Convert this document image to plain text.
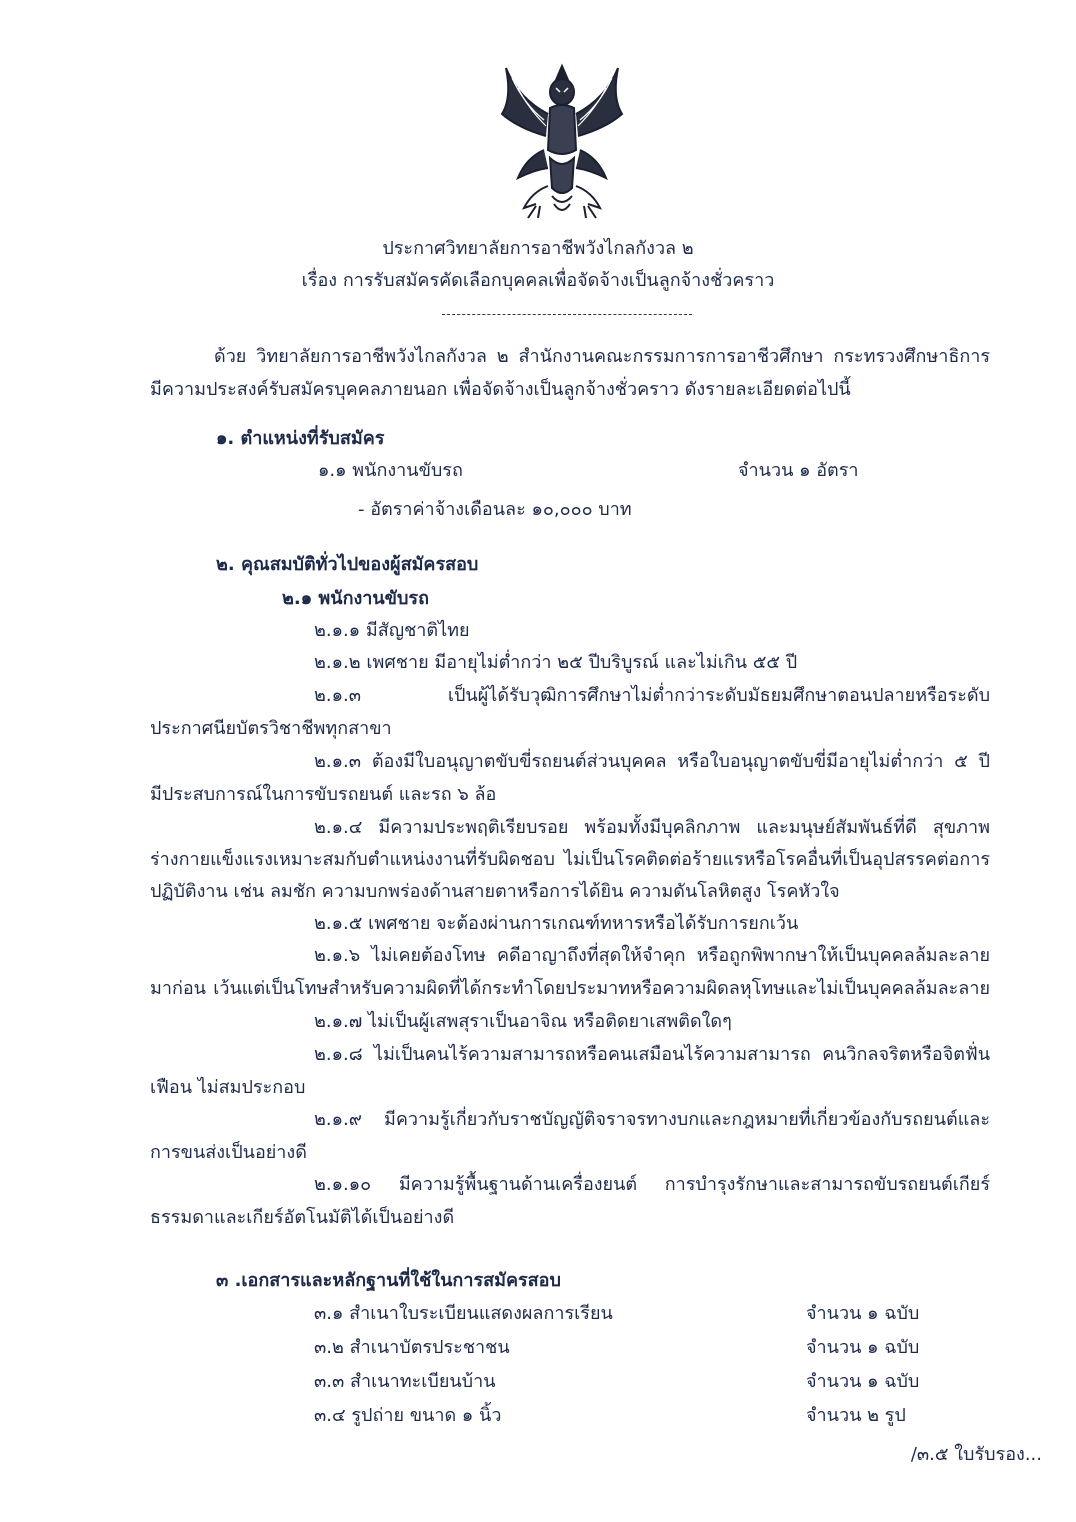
ประกาศวิทยาลัยการอาชีพวังไกลกังวล ๒
เรื่อง การรับสมัครคัดเลือกบุคคลเพื่อจัดจ้างเป็นลูกจ้างชั่วคราว
ด้วย วิทยาลัยการอาชีพวังไกลกังวล ๒ สำนักงานคณะกรรมการการอาชีวศึกษา กระทรวงศึกษาธิการ
มีความประสงค์รับสมัครบุคคลภายนอก เพื่อจัดจ้างเป็นลูกจ้างชั่วคราว ดังรายละเอียดต่อไปนี้
๑. ตำแหน่งที่รับสมัคร
๑.๑ พนักงานขับรถ	จำนวน ๑ อัตรา
- อัตราค่าจ้างเดือนละ ๑๐,๐๐๐ บาท
๒. คุณสมบัติทั่วไปของผู้สมัครสอบ
๒.๑ พนักงานขับรถ
๒.๑.๑ มีสัญชาติไทย
๒.๑.๒ เพศชาย มีอายุไม่ต่ำกว่า ๒๕ ปีบริบูรณ์ และไม่เกิน ๕๕ ปี
๒.๑.๓ เป็นผู้ได้รับวุฒิการศึกษาไม่ต่ำกว่าระดับมัธยมศึกษาตอนปลายหรือระดับ
ประกาศนียบัตรวิชาชีพทุกสาขา
๒.๑.๓ ต้องมีใบอนุญาตขับขี่รถยนต์ส่วนบุคคล หรือใบอนุญาตขับขี่มีอายุไม่ต่ำกว่า ๕ ปี
มีประสบการณ์ในการขับรถยนต์ และรถ ๖ ล้อ
๒.๑.๔ มีความประพฤติเรียบรอย พร้อมทั้งมีบุคลิกภาพ และมนุษย์สัมพันธ์ที่ดี สุขภาพ
ร่างกายแข็งแรงเหมาะสมกับตำแหน่งงานที่รับผิดชอบ ไม่เป็นโรคติดต่อร้ายแรหรือโรคอื่นที่เป็นอุปสรรคต่อการ
ปฏิบัติงาน เช่น ลมชัก ความบกพร่องด้านสายตาหรือการได้ยิน ความดันโลหิตสูง โรคหัวใจ
๒.๑.๕ เพศชาย จะต้องผ่านการเกณฑ์ทหารหรือได้รับการยกเว้น
๒.๑.๖ ไม่เคยต้องโทษ คดีอาญาถึงที่สุดให้จำคุก หรือถูกพิพากษาให้เป็นบุคคลล้มละลาย
มาก่อน เว้นแต่เป็นโทษสำหรับความผิดที่ได้กระทำโดยประมาทหรือความผิดลหุโทษและไม่เป็นบุคคลล้มละลาย
๒.๑.๗ ไม่เป็นผู้เสพสุราเป็นอาจิณ หรือติดยาเสพติดใดๆ
๒.๑.๘ ไม่เป็นคนไร้ความสามารถหรือคนเสมือนไร้ความสามารถ คนวิกลจริตหรือจิตฟั่น
เฟือน ไม่สมประกอบ
๒.๑.๙ มีความรู้เกี่ยวกับราชบัญญัติจราจรทางบกและกฎหมายที่เกี่ยวข้องกับรถยนต์และ
การขนส่งเป็นอย่างดี
๒.๑.๑๐ มีความรู้พื้นฐานด้านเครื่องยนต์ การบำรุงรักษาและสามารถขับรถยนต์เกียร์
ธรรมดาและเกียร์อัตโนมัติได้เป็นอย่างดี
๓ .เอกสารและหลักฐานที่ใช้ในการสมัครสอบ
๓.๑ สำเนาใบระเบียนแสดงผลการเรียน	จำนวน ๑ ฉบับ
๓.๒ สำเนาบัตรประชาชน	จำนวน ๑ ฉบับ
๓.๓ สำเนาทะเบียนบ้าน	จำนวน ๑ ฉบับ
๓.๔ รูปถ่าย ขนาด ๑ นิ้ว	จำนวน ๒ รูป
/๓.๕ ใบรับรอง...
